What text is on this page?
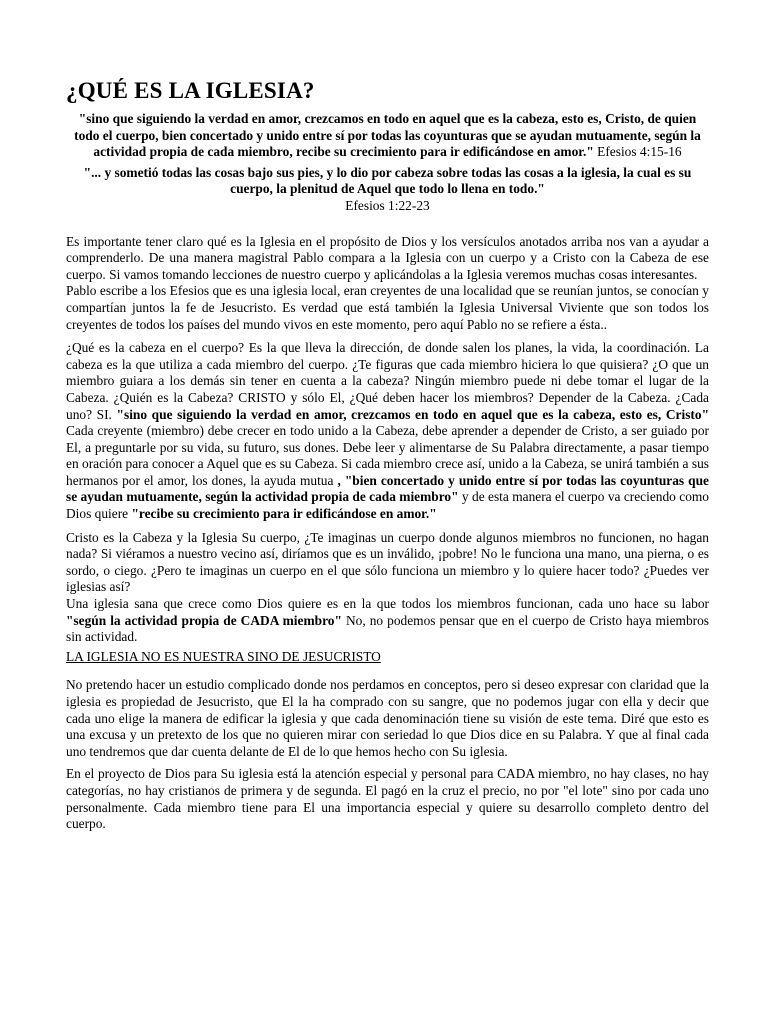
¿QUÉ ES LA IGLESIA?

"sino que siguiendo la verdad en amor, crezcamos en todo en aquel que es la cabeza, esto es, Cristo, de quien todo el cuerpo, bien concertado y unido entre sí por todas las coyunturas que se ayudan mutuamente, según la actividad propia de cada miembro, recibe su crecimiento para ir edificándose en amor." Efesios 4:15-16

"... y sometió todas las cosas bajo sus pies, y lo dio por cabeza sobre todas las cosas a la iglesia, la cual es su cuerpo, la plenitud de Aquel que todo lo llena en todo."
Efesios 1:22-23

Es importante tener claro qué es la Iglesia en el propósito de Dios y los versículos anotados arriba nos van a ayudar a comprenderlo. De una manera magistral Pablo compara a la Iglesia con un cuerpo y a Cristo con la Cabeza de ese cuerpo. Si vamos tomando lecciones de nuestro cuerpo y aplicándolas a la Iglesia veremos muchas cosas interesantes.

Pablo escribe a los Efesios que es una iglesia local, eran creyentes de una localidad que se reunían juntos, se conocían y compartían juntos la fe de Jesucristo. Es verdad que está también la Iglesia Universal Viviente que son todos los creyentes de todos los países del mundo vivos en este momento, pero aquí Pablo no se refiere a ésta..

¿Qué es la cabeza en el cuerpo? Es la que lleva la dirección, de donde salen los planes, la vida, la coordinación. La cabeza es la que utiliza a cada miembro del cuerpo. ¿Te figuras que cada miembro hiciera lo que quisiera? ¿O que un miembro guiara a los demás sin tener en cuenta a la cabeza? Ningún miembro puede ni debe tomar el lugar de la Cabeza. ¿Quién es la Cabeza? CRISTO y sólo El, ¿Qué deben hacer los miembros? Depender de la Cabeza. ¿Cada uno? SI. "sino que siguiendo la verdad en amor, crezcamos en todo en aquel que es la cabeza, esto es, Cristo" Cada creyente (miembro) debe crecer en todo unido a la Cabeza, debe aprender a depender de Cristo, a ser guiado por El, a preguntarle por su vida, su futuro, sus dones. Debe leer y alimentarse de Su Palabra directamente, a pasar tiempo en oración para conocer a Aquel que es su Cabeza. Si cada miembro crece así, unido a la Cabeza, se unirá también a sus hermanos por el amor, los dones, la ayuda mutua , "bien concertado y unido entre sí por todas las coyunturas que se ayudan mutuamente, según la actividad propia de cada miembro" y de esta manera el cuerpo va creciendo como Dios quiere "recibe su crecimiento para ir edificándose en amor."

Cristo es la Cabeza y la Iglesia Su cuerpo, ¿Te imaginas un cuerpo donde algunos miembros no funcionen, no hagan nada? Si viéramos a nuestro vecino así, diríamos que es un inválido, ¡pobre! No le funciona una mano, una pierna, o es sordo, o ciego. ¿Pero te imaginas un cuerpo en el que sólo funciona un miembro y lo quiere hacer todo? ¿Puedes ver iglesias así?

Una iglesia sana que crece como Dios quiere es en la que todos los miembros funcionan, cada uno hace su labor "según la actividad propia de CADA miembro" No, no podemos pensar que en el cuerpo de Cristo haya miembros sin actividad.

LA IGLESIA NO ES NUESTRA SINO DE JESUCRISTO

No pretendo hacer un estudio complicado donde nos perdamos en conceptos, pero si deseo expresar con claridad que la iglesia es propiedad de Jesucristo, que El la ha comprado con su sangre, que no podemos jugar con ella y decir que cada uno elige la manera de edificar la iglesia y que cada denominación tiene su visión de este tema. Diré que esto es una excusa y un pretexto de los que no quieren mirar con seriedad lo que Dios dice en su Palabra. Y que al final cada uno tendremos que dar cuenta delante de El de lo que hemos hecho con Su iglesia.

En el proyecto de Dios para Su iglesia está la atención especial y personal para CADA miembro, no hay clases, no hay categorías, no hay cristianos de primera y de segunda. El pagó en la cruz el precio, no por "el lote" sino por cada uno personalmente. Cada miembro tiene para El una importancia especial y quiere su desarrollo completo dentro del cuerpo.
